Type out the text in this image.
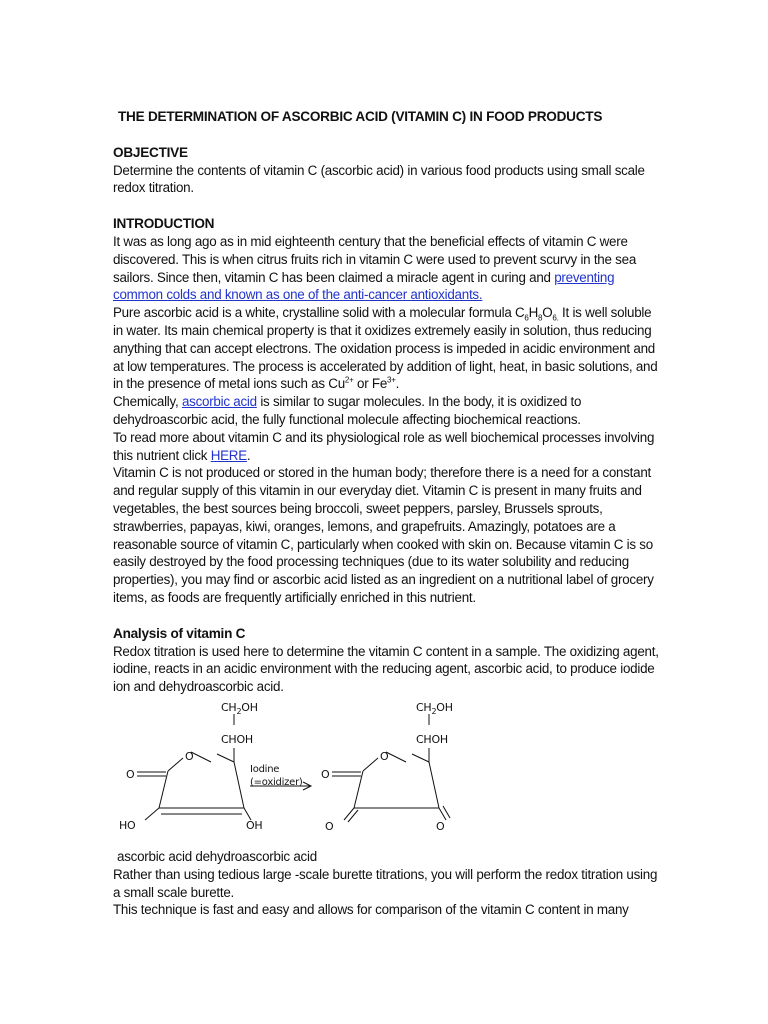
THE DETERMINATION OF ASCORBIC ACID (VITAMIN C) IN FOOD PRODUCTS
OBJECTIVE

Determine the contents of vitamin C (ascorbic acid) in various food products using small scale redox titration.

INTRODUCTION

It was as long ago as in mid eighteenth century that the beneficial effects of vitamin C were discovered. This is when citrus fruits rich in vitamin C were used to prevent scurvy in the sea sailors. Since then, vitamin C has been claimed a miracle agent in curing and preventing common colds and known as one of the anti-cancer antioxidants.

Pure ascorbic acid is a white, crystalline solid with a molecular formula $C_6H_8O_{6.}$ It is well soluble in water. Its main chemical property is that it oxidizes extremely easily in solution, thus reducing anything that can accept electrons. The oxidation process is impeded in acidic environment and at low temperatures. The process is accelerated by addition of light, heat, in basic solutions, and in the presence of metal ions such as $Cu^{2+}$ or $Fe^{3+}$.

Chemically, ascorbic acid is similar to sugar molecules. In the body, it is oxidized to dehydroascorbic acid, the fully functional molecule affecting biochemical reactions.

To read more about vitamin C and its physiological role as well biochemical processes involving this nutrient click HERE.

Vitamin C is not produced or stored in the human body; therefore there is a need for a constant and regular supply of this vitamin in our everyday diet. Vitamin C is present in many fruits and vegetables, the best sources being broccoli, sweet peppers, parsley, Brussels sprouts, strawberries, papayas, kiwi, oranges, lemons, and grapefruits. Amazingly, potatoes are a reasonable source of vitamin C, particularly when cooked with skin on. Because vitamin C is so easily destroyed by the food processing techniques (due to its water solubility and reducing properties), you may find or ascorbic acid listed as an ingredient on a nutritional label of grocery items, as foods are frequently artificially enriched in this nutrient.

Analysis of vitamin C

Redox titration is used here to determine the vitamin C content in a sample. The oxidizing agent, iodine, reacts in an acidic environment with the reducing agent, ascorbic acid, to produce iodide ion and dehydroascorbic acid.

$CH_2OH$
CHOH
O
O
HO	OH
Iodine
(=oxidizer)
$CH_2OH$
CHOH
O
O
O	O

ascorbic acid dehydroascorbic acid

Rather than using tedious large -scale burette titrations, you will perform the redox titration using a small scale burette.

This technique is fast and easy and allows for comparison of the vitamin C content in many
